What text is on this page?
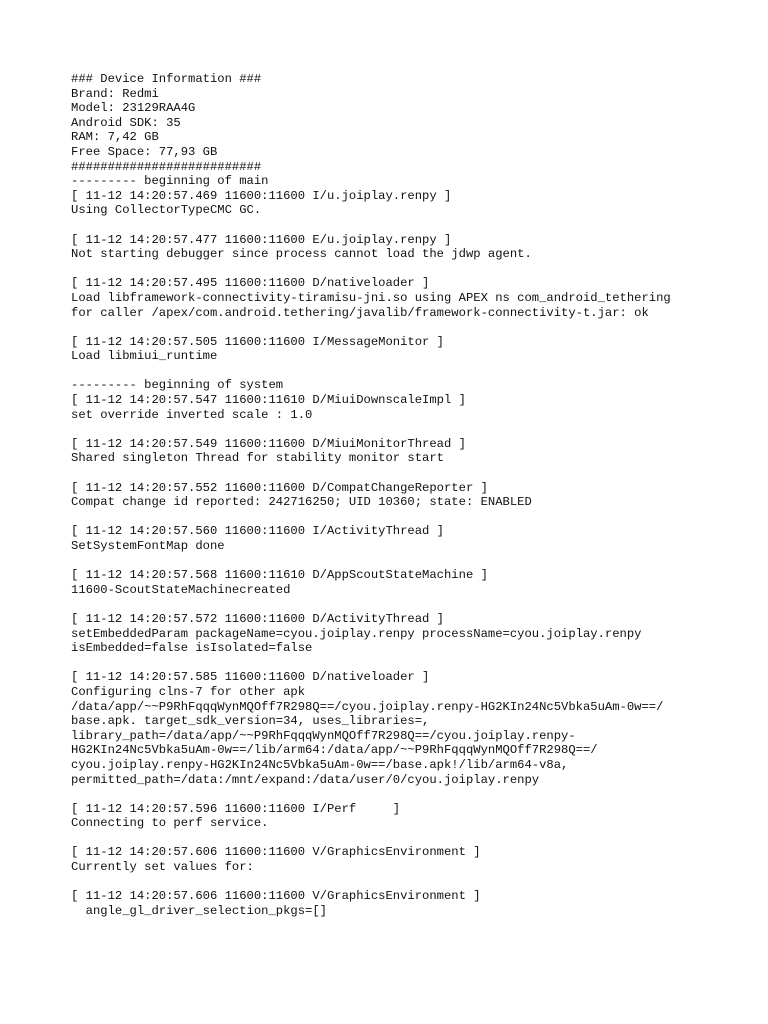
### Device Information ###
Brand: Redmi
Model: 23129RAA4G
Android SDK: 35
RAM: 7,42 GB
Free Space: 77,93 GB
##########################
--------- beginning of main
[ 11-12 14:20:57.469 11600:11600 I/u.joiplay.renpy ]
Using CollectorTypeCMC GC.
[ 11-12 14:20:57.477 11600:11600 E/u.joiplay.renpy ]
Not starting debugger since process cannot load the jdwp agent.
[ 11-12 14:20:57.495 11600:11600 D/nativeloader ]
Load libframework-connectivity-tiramisu-jni.so using APEX ns com_android_tethering
for caller /apex/com.android.tethering/javalib/framework-connectivity-t.jar: ok
[ 11-12 14:20:57.505 11600:11600 I/MessageMonitor ]
Load libmiui_runtime
--------- beginning of system
[ 11-12 14:20:57.547 11600:11610 D/MiuiDownscaleImpl ]
set override inverted scale : 1.0
[ 11-12 14:20:57.549 11600:11600 D/MiuiMonitorThread ]
Shared singleton Thread for stability monitor start
[ 11-12 14:20:57.552 11600:11600 D/CompatChangeReporter ]
Compat change id reported: 242716250; UID 10360; state: ENABLED
[ 11-12 14:20:57.560 11600:11600 I/ActivityThread ]
SetSystemFontMap done
[ 11-12 14:20:57.568 11600:11610 D/AppScoutStateMachine ]
11600-ScoutStateMachinecreated
[ 11-12 14:20:57.572 11600:11600 D/ActivityThread ]
setEmbeddedParam packageName=cyou.joiplay.renpy processName=cyou.joiplay.renpy
isEmbedded=false isIsolated=false
[ 11-12 14:20:57.585 11600:11600 D/nativeloader ]
Configuring clns-7 for other apk
/data/app/~~P9RhFqqqWynMQOff7R298Q==/cyou.joiplay.renpy-HG2KIn24Nc5Vbka5uAm-0w==/
base.apk. target_sdk_version=34, uses_libraries=,
library_path=/data/app/~~P9RhFqqqWynMQOff7R298Q==/cyou.joiplay.renpy-
HG2KIn24Nc5Vbka5uAm-0w==/lib/arm64:/data/app/~~P9RhFqqqWynMQOff7R298Q==/
cyou.joiplay.renpy-HG2KIn24Nc5Vbka5uAm-0w==/base.apk!/lib/arm64-v8a,
permitted_path=/data:/mnt/expand:/data/user/0/cyou.joiplay.renpy
[ 11-12 14:20:57.596 11600:11600 I/Perf     ]
Connecting to perf service.
[ 11-12 14:20:57.606 11600:11600 V/GraphicsEnvironment ]
Currently set values for:
[ 11-12 14:20:57.606 11600:11600 V/GraphicsEnvironment ]
angle_gl_driver_selection_pkgs=[]
